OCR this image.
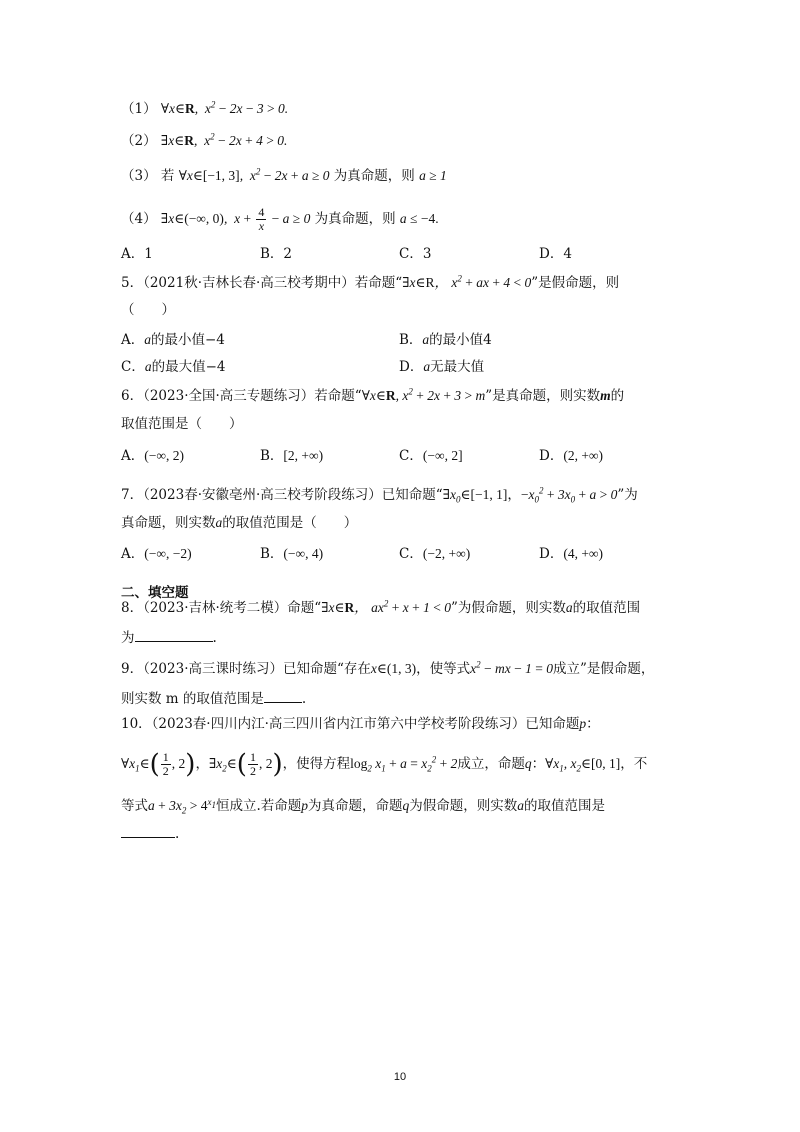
（1） ∀x∈R,  $x^2 - 2x - 3 > 0$.
（2） ∃x∈R,  $x^2 - 2x + 4 > 0$.
（3） 若 ∀x∈[−1, 3],  $x^2 - 2x + a \ge 0$ 为真命题，则 a ≥ 1
（4） ∃x∈(−∞, 0),  $x + \frac{4}{x} - a \ge 0$ 为真命题，则 a ≤ −4.
A．1	B．2	C．3	D．4
5．（2021秋·吉林长春·高三校考期中）若命题“∃x∈R， $x^2$ + ax + 4 < 0”是假命题，则
（　　）
A．a的最小值−4	B．a的最小值4
C．a的最大值−4	D．a无最大值
6．（2023·全国·高三专题练习）若命题“∀x∈R, $x^2 + 2x + 3 > m$”是真命题，则实数m的
取值范围是（　　）
A．(−∞, 2)	B．[2, +∞)	C．(−∞, 2]	D．(2, +∞)
7．（2023春·安徽亳州·高三校考阶段练习）已知命题“$\exists x_0\in[-1$, 1]，$-x_0^2 + 3x_0 + a > 0$”为
真命题，则实数a的取值范围是（　　）
A．(−∞, −2)	B．(−∞, 4)	C．(−2, +∞)	D．(4, +∞)
二、填空题
8．（2023·吉林·统考二模）命题“∃x∈R， $ax^2 + x + 1 < 0$”为假命题，则实数a的取值范围
为	.
9．（2023·高三课时练习）已知命题“存在x∈(1, 3)，使等式$x^2$ − mx − 1 = 0成立”是假命题，
则实数 m 的取值范围是	.
10．（2023春·四川内江·高三四川省内江市第六中学校考阶段练习）已知命题p：
$\forall x_1\in( \frac{1}{2}$ , 2)，$\exists x_2\in( \frac{1}{2}$ , 2)，使得方程$\log_2 x_1 + a = x_2^2 + 2$成立，命题q：$\forall x_1$, $x_2\in[0$, 1]，不
等式$a + 3x_2 > 4^{x_1}$恒成立.若命题p为真命题，命题q为假命题，则实数a的取值范围是
.
10
